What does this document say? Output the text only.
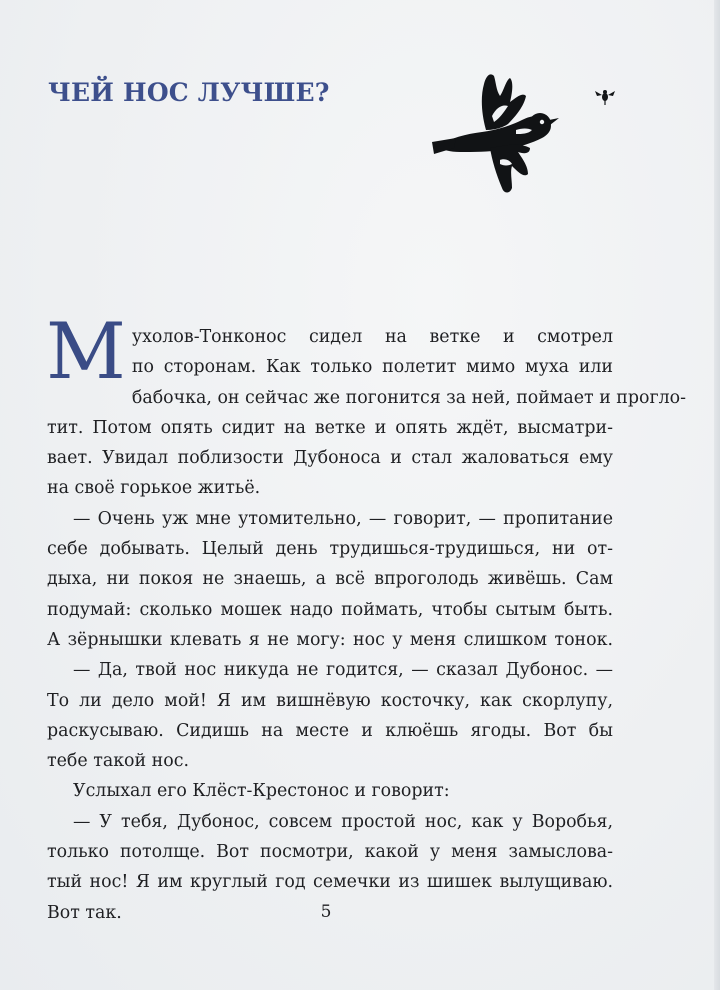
ЧЕЙ НОС ЛУЧШЕ?
М ухолов-Тонконос сидел на ветке и смотрел
по сторонам. Как только полетит мимо муха или
бабочка, он сейчас же погонится за ней, поймает и прогло-
тит. Потом опять сидит на ветке и опять ждёт, высматри-
вает. Увидал поблизости Дубоноса и стал жаловаться ему
на своё горькое житьё.
— Очень уж мне утомительно, — говорит, — пропитание
себе добывать. Целый день трудишься-трудишься, ни от-
дыха, ни покоя не знаешь, а всё впроголодь живёшь. Сам
подумай: сколько мошек надо поймать, чтобы сытым быть.
А зёрнышки клевать я не могу: нос у меня слишком тонок.
— Да, твой нос никуда не годится, — сказал Дубонос. —
То ли дело мой! Я им вишнёвую косточку, как скорлупу,
раскусываю. Сидишь на месте и клюёшь ягоды. Вот бы
тебе такой нос.
Услыхал его Клёст-Крестонос и говорит:
— У тебя, Дубонос, совсем простой нос, как у Воробья,
только потолще. Вот посмотри, какой у меня замыслова-
тый нос! Я им круглый год семечки из шишек вылущиваю.
Вот так.	5
